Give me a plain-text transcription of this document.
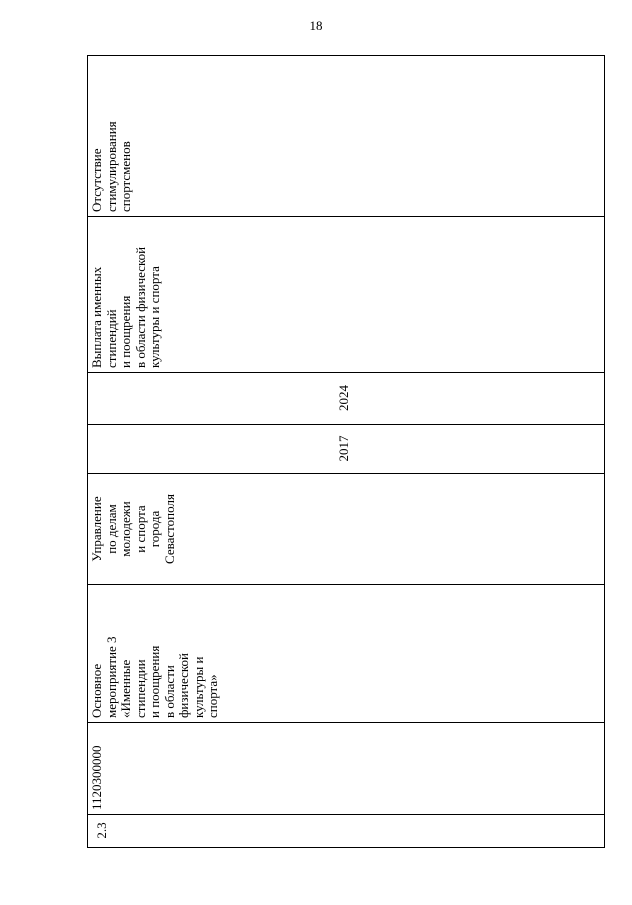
18
2.3
1120300000
Основное
мероприятие 3
«Именные
стипендии
и поощрения
в области
физической
культуры и
спорта»
Управление
по делам
молодежи
и спорта
города
Севастополя
2017
2024
Выплата именных
стипендий
и поощрения
в области физической
культуры и спорта
Отсутствие
стимулирования
спортсменов
